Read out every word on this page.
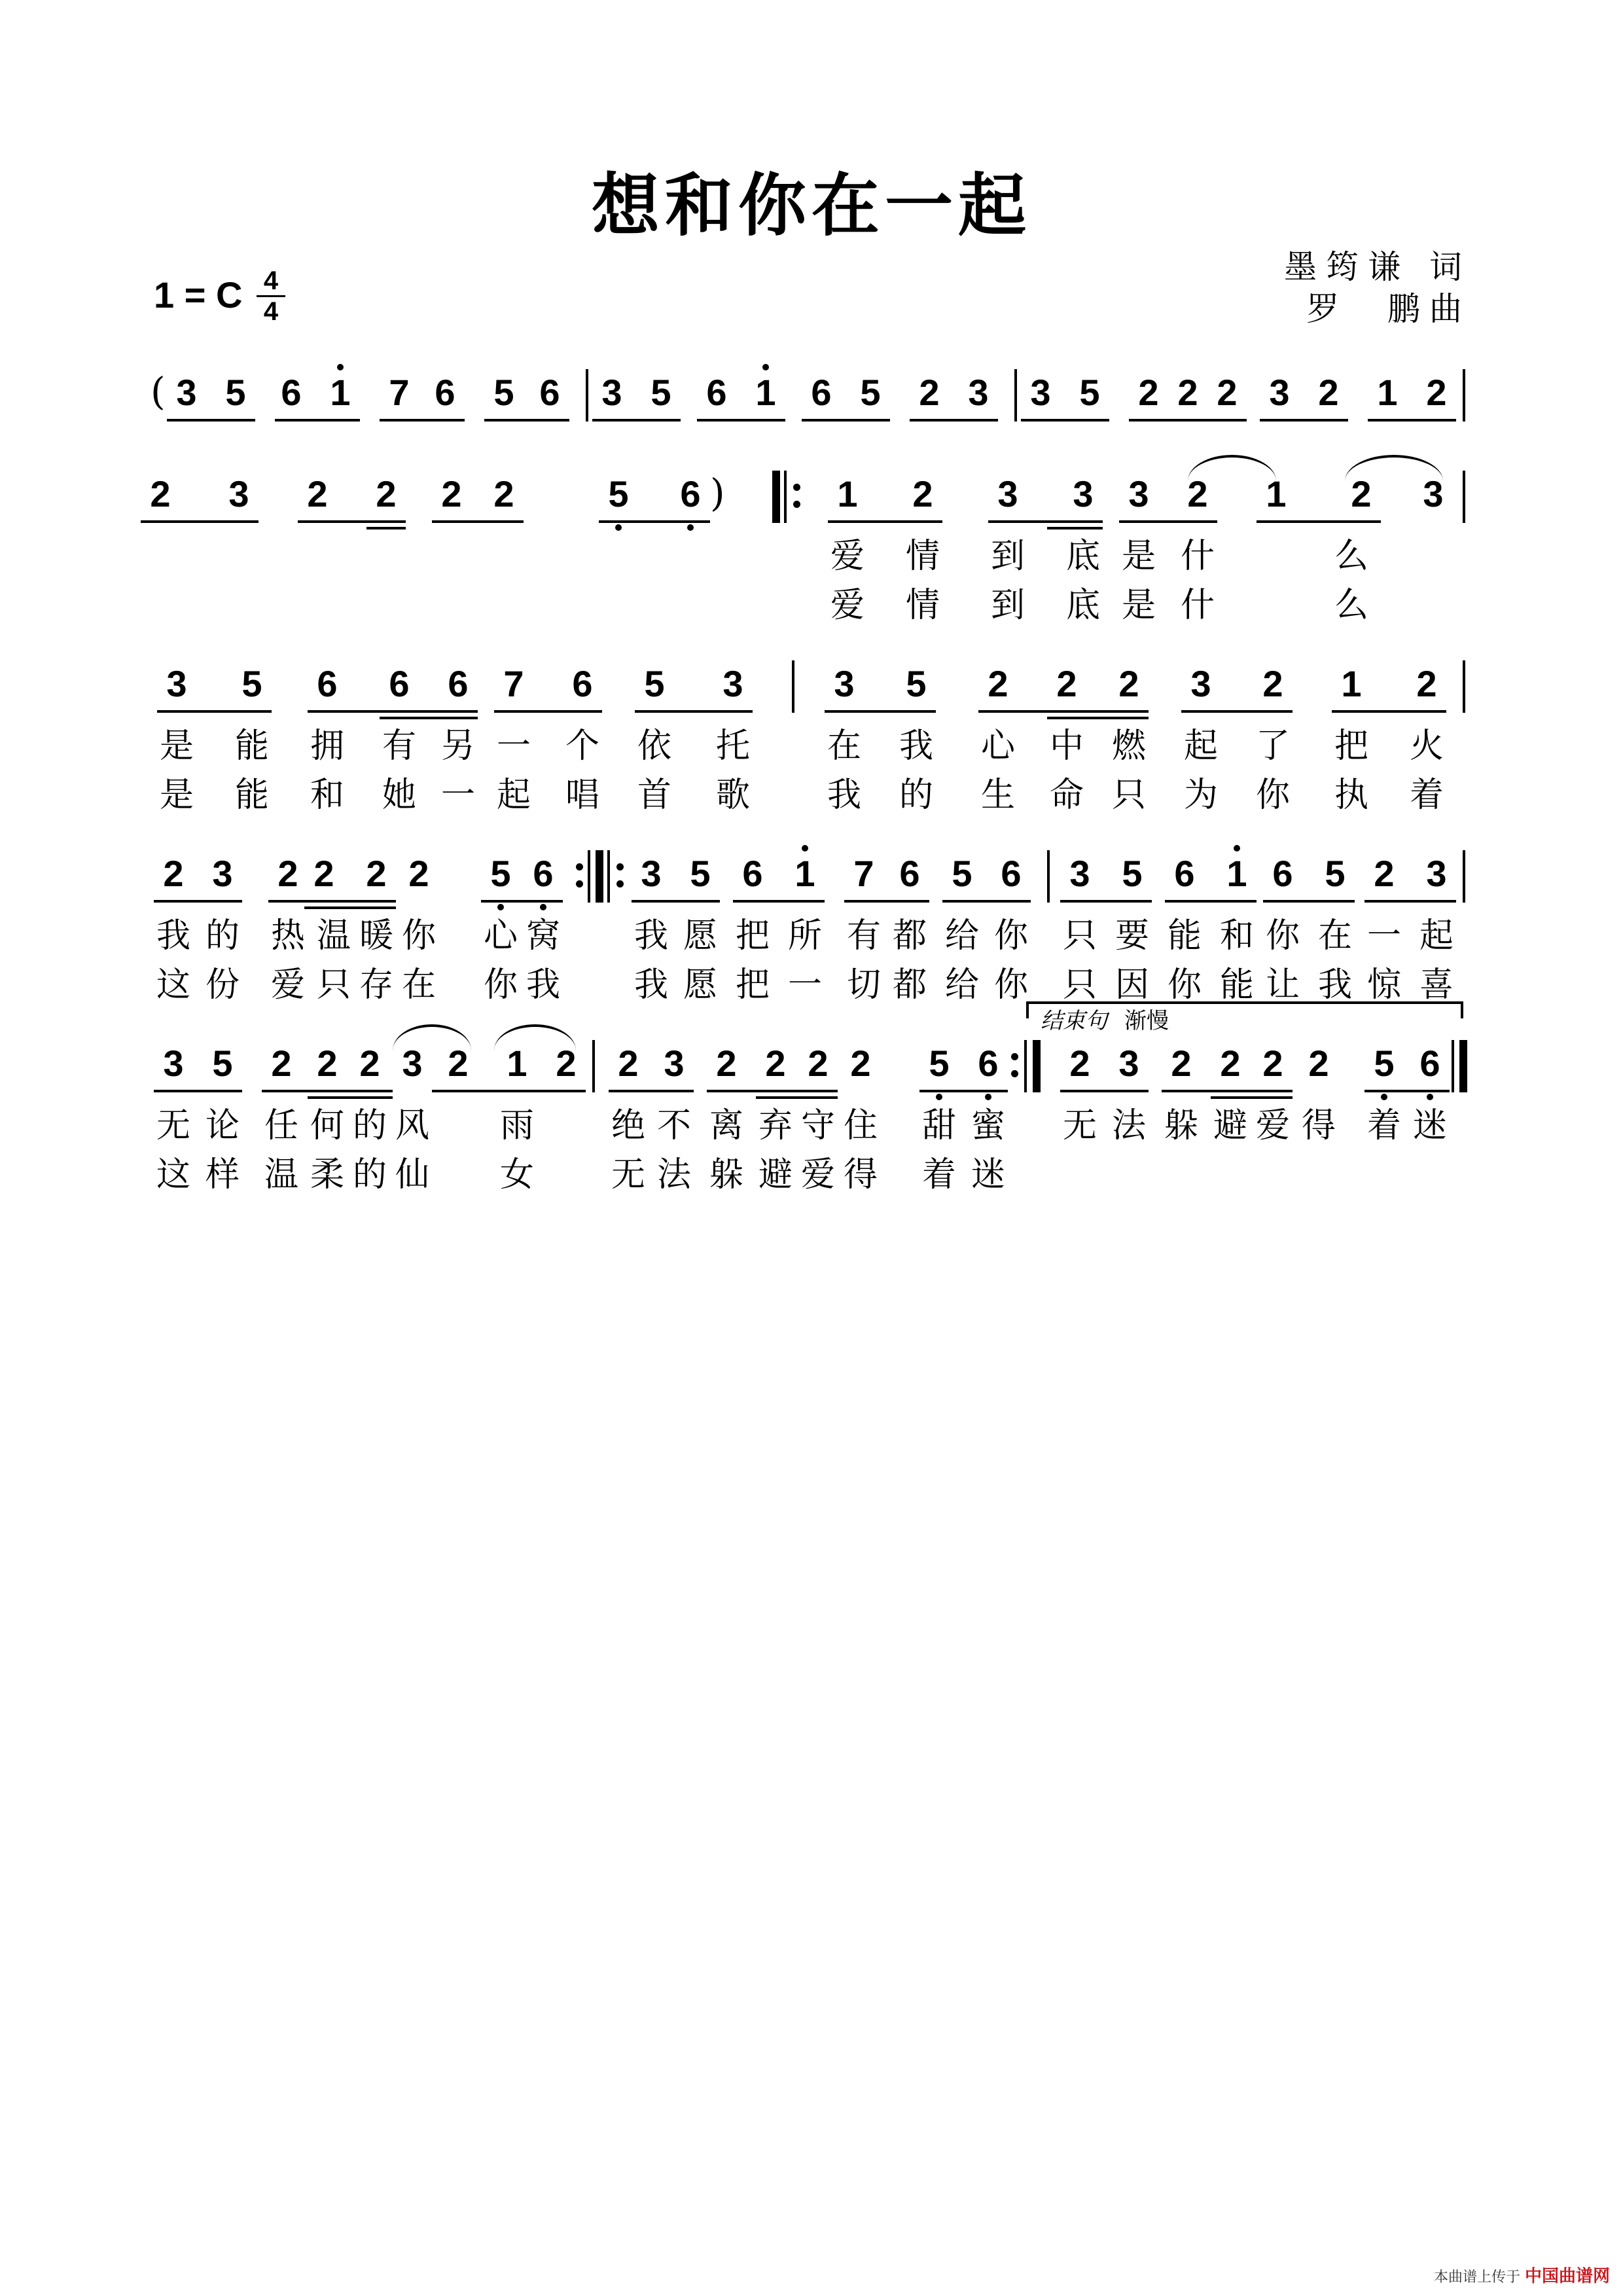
想和你在一起
墨筠谦 词
罗  鹏曲
1 = C 4
4
3 5 6 1 7 6 5 6 3 5 6 1 6 5 2 3 3 5 2 2 2 3 2 1 2
2 3 2 2 2 2	5 6	1 2 3 3 3 2 1 2 3
爱 情 到 底 是 什	么
爱 情 到 底 是 什	么
3 5 6 6 6 7 6 5 3 3 5 2 2 2 3 2 1 2
是 能 拥 有 另 一 个 依 托 在 我 心 中 燃 起 了 把 火
是 能 和 她 一 起 唱 首 歌 我 的 生 命 只 为 你 执 着
2 3 2 2 2 2 5 6 3 5 6 1 7 6 5 6 3 5 6 1 6 5 2 3
我 的 热 温 暖 你 心 窝 我 愿 把 所 有 都 给 你 只 要 能 和 你 在 一 起
这 份 爱 只 存 在 你 我 我 愿 把 一 切 都 给 你 只 因 你 能 让 我 惊 喜
3 5 2 2 2 3 2 1 2 2 3 2 2 2 2 5 6 2 3 2 2 2 2 5 6
无 论 任 何 的 风 雨 绝 不 离 弃 守 住 甜 蜜 无 法 躲 避 爱 得 着 迷
这 样 温 柔 的 仙 女 无 法 躲 避 爱 得 着 迷
(
)
结束句 渐慢
本曲谱上传于 中国曲谱网
